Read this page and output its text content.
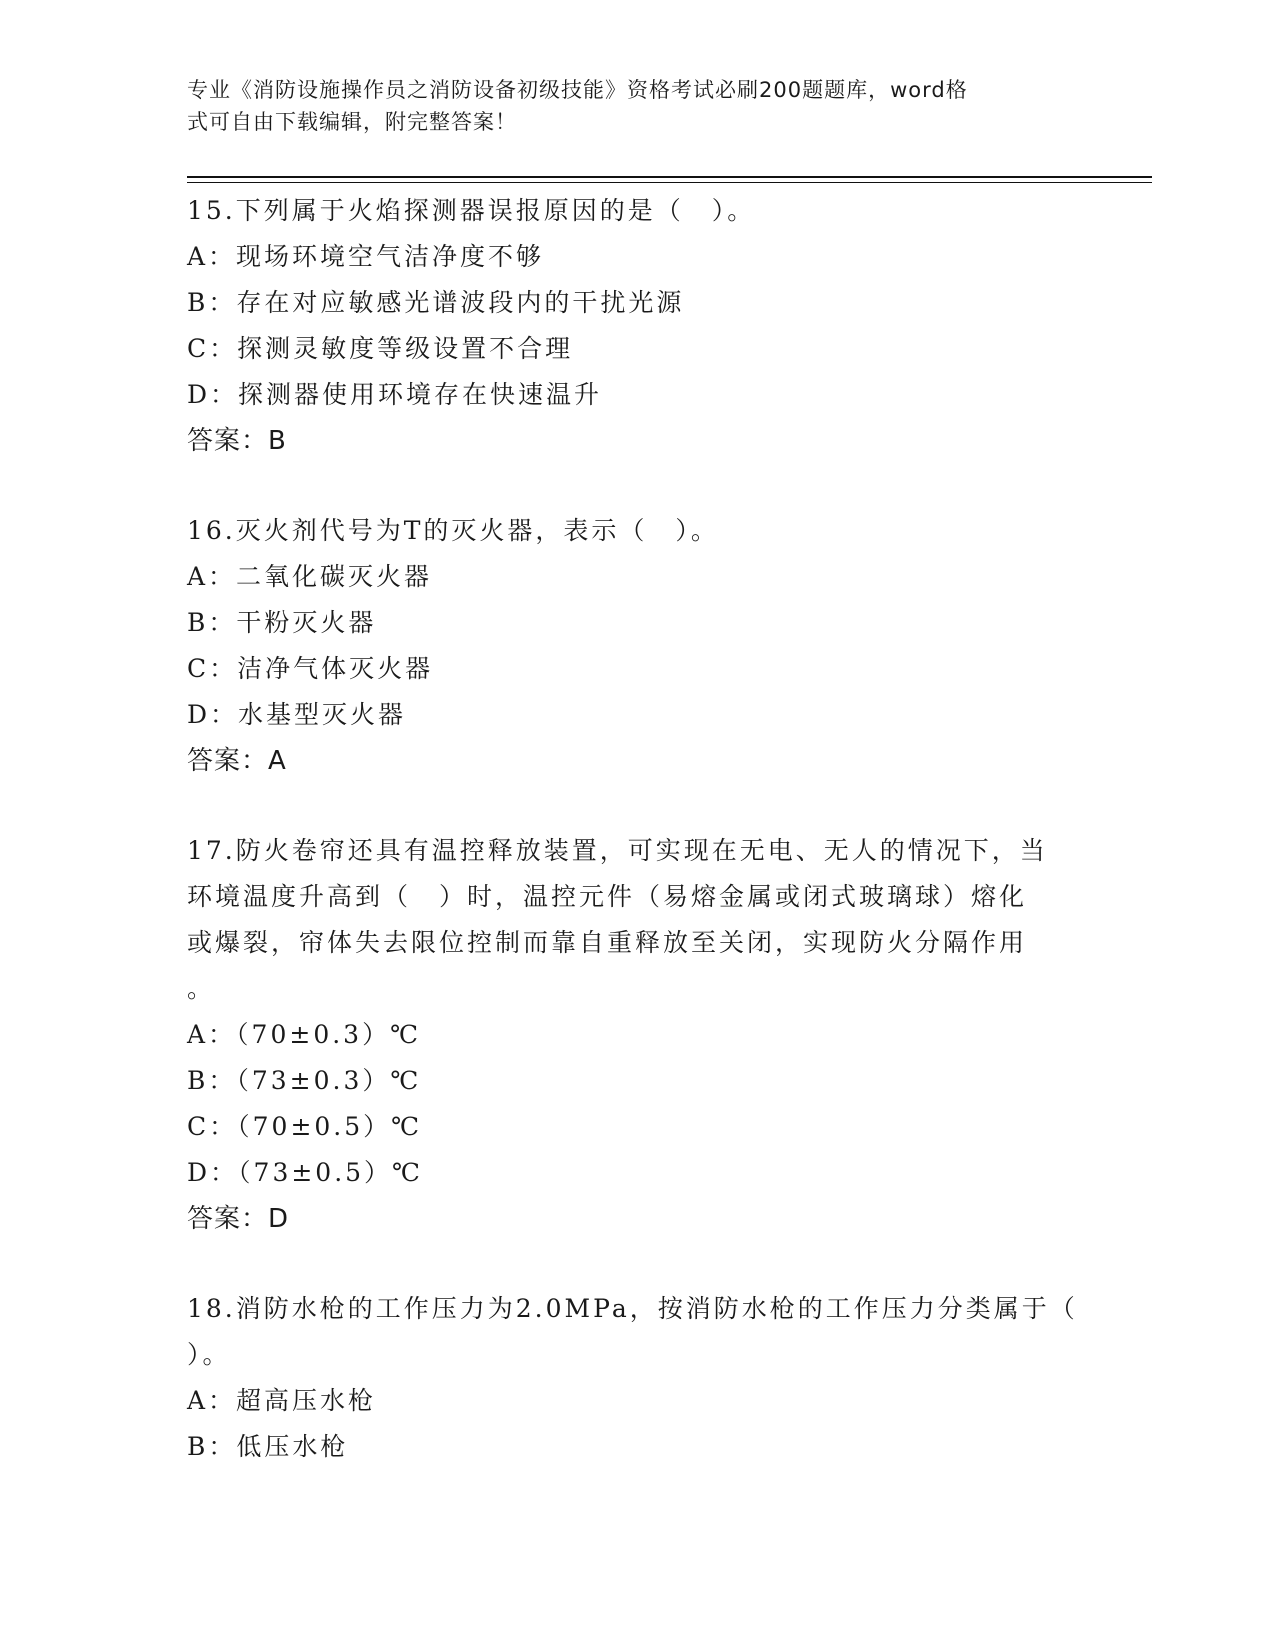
专业《消防设施操作员之消防设备初级技能》资格考试必刷200题题库，word格
式可自由下载编辑，附完整答案！
15.下列属于火焰探测器误报原因的是（　）。
A：现场环境空气洁净度不够
B：存在对应敏感光谱波段内的干扰光源
C：探测灵敏度等级设置不合理
D：探测器使用环境存在快速温升
答案：B
16.灭火剂代号为T的灭火器，表示（　）。
A：二氧化碳灭火器
B：干粉灭火器
C：洁净气体灭火器
D：水基型灭火器
答案：A
17.防火卷帘还具有温控释放装置，可实现在无电、无人的情况下，当
环境温度升高到（　）时，温控元件（易熔金属或闭式玻璃球）熔化
或爆裂，帘体失去限位控制而靠自重释放至关闭，实现防火分隔作用
。
A：（70±0.3）℃
B：（73±0.3）℃
C：（70±0.5）℃
D：（73±0.5）℃
答案：D
18.消防水枪的工作压力为2.0MPa，按消防水枪的工作压力分类属于（
）。
A：超高压水枪
B：低压水枪
